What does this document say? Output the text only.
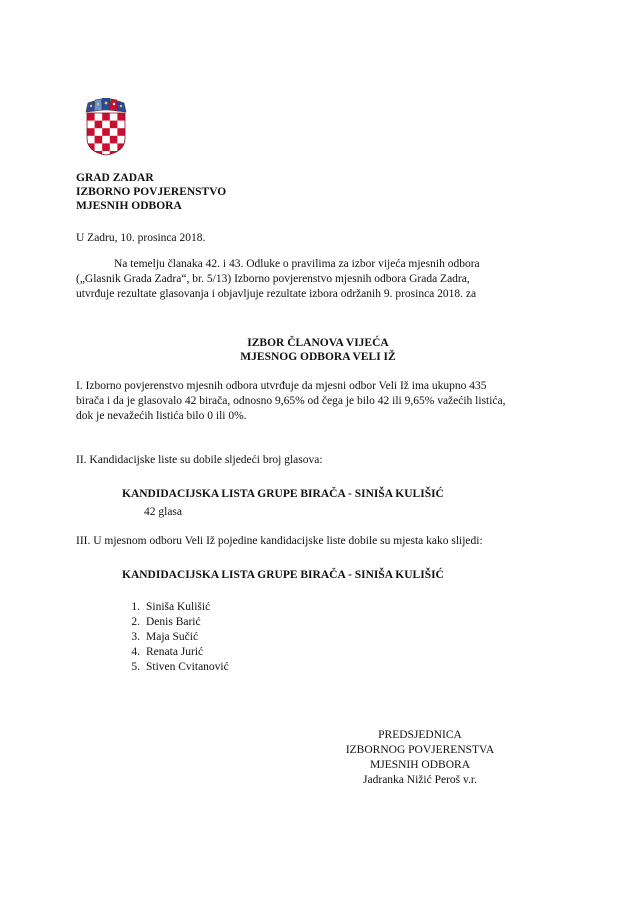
GRAD ZADAR
IZBORNO POVJERENSTVO
MJESNIH ODBORA
U Zadru, 10. prosinca 2018.

Na temelju članaka 42. i 43. Odluke o pravilima za izbor vijeća mjesnih odbora

(„Glasnik Grada Zadra“, br. 5/13) Izborno povjerenstvo mjesnih odbora Grada Zadra,

utvrđuje rezultate glasovanja i objavljuje rezultate izbora održanih 9. prosinca 2018. za

IZBOR ČLANOVA VIJEĆA
MJESNOG ODBORA VELI IŽ

I. Izborno povjerenstvo mjesnih odbora utvrđuje da mjesni odbor Veli Iž ima ukupno 435

birača i da je glasovalo 42 birača, odnosno 9,65% od čega je bilo 42 ili 9,65% važećih listića,

dok je nevažećih listića bilo 0 ili 0%.

II. Kandidacijske liste su dobile sljedeći broj glasova:
KANDIDACIJSKA LISTA GRUPE BIRAČA - SINIŠA KULIŠIĆ
42 glasa
III. U mjesnom odboru Veli Iž pojedine kandidacijske liste dobile su mjesta kako slijedi:
KANDIDACIJSKA LISTA GRUPE BIRAČA - SINIŠA KULIŠIĆ
1. Siniša Kulišić
2. Denis Barić
3. Maja Sučić
4. Renata Jurić
5. Stiven Cvitanović
PREDSJEDNICA
IZBORNOG POVJERENSTVA
MJESNIH ODBORA
Jadranka Nižić Peroš v.r.
